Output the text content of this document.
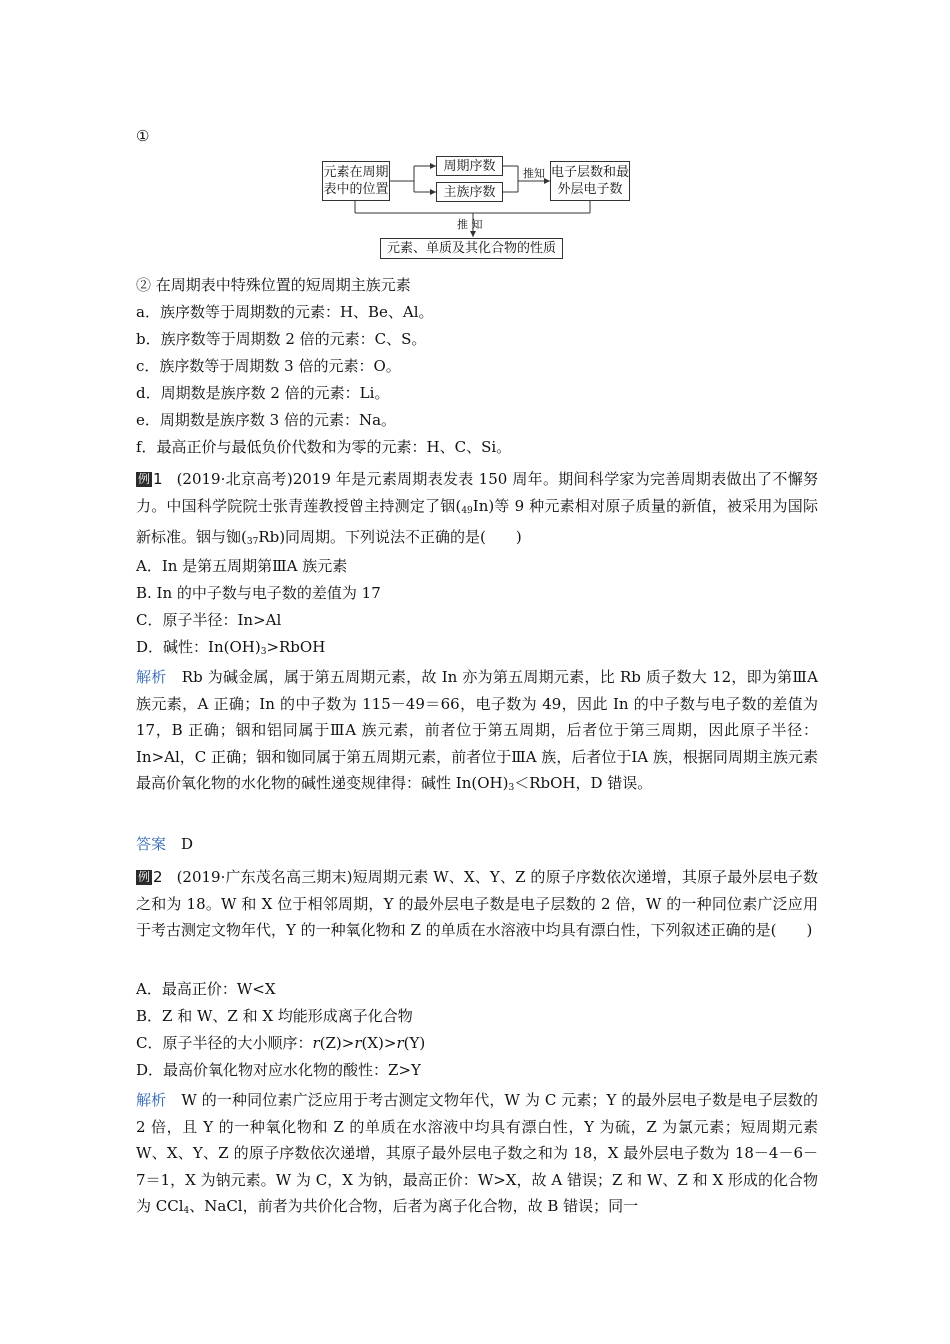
①
元素在周期表中的位置
周期序数
主族序数
推知 电子层数和最外层电子数
推 知
元素、单质及其化合物的性质
② 在周期表中特殊位置的短周期主族元素
a．族序数等于周期数的元素：H、Be、Al。
b．族序数等于周期数 2 倍的元素：C、S。
c．族序数等于周期数 3 倍的元素：O。
d．周期数是族序数 2 倍的元素：Li。
e．周期数是族序数 3 倍的元素：Na。
f．最高正价与最低负价代数和为零的元素：H、C、Si。
例 1 (2019·北京高考)2019 年是元素周期表发表 150 周年。期间科学家为完善周期表做出了不懈努力。中国科学院院士张青莲教授曾主持测定了铟$(_{49}In)$等 9 种元素相对原子质量的新值，被采用为国际新标准。铟与铷$(_{37}Rb)$同周期。下列说法不正确的是(　　)
A．In 是第五周期第ⅢA 族元素
B. In 的中子数与电子数的差值为 17
C．原子半径：In>Al
D．碱性：$In(OH)_3>RbOH$
解析　Rb 为碱金属，属于第五周期元素，故 In 亦为第五周期元素，比 Rb 质子数大 12，即为第ⅢA 族元素，A 正确；In 的中子数为 115－49＝66，电子数为 49，因此 In 的中子数与电子数的差值为 17，B 正确；铟和铝同属于ⅢA 族元素，前者位于第五周期，后者位于第三周期，因此原子半径：In>Al，C 正确；铟和铷同属于第五周期元素，前者位于ⅢA 族，后者位于ⅠA 族，根据同周期主族元素最高价氧化物的水化物的碱性递变规律得：碱性 $In(OH)_3<RbOH$，D 错误。
答案　D
例 2 (2019·广东茂名高三期末)短周期元素 W、X、Y、Z 的原子序数依次递增，其原子最外层电子数之和为 18。W 和 X 位于相邻周期，Y 的最外层电子数是电子层数的 2 倍，W 的一种同位素广泛应用于考古测定文物年代，Y 的一种氧化物和 Z 的单质在水溶液中均具有漂白性，下列叙述正确的是(　　)
A．最高正价：W<X
B．Z 和 W、Z 和 X 均能形成离子化合物
C．原子半径的大小顺序：r(Z)>r(X)>r(Y)
D．最高价氧化物对应水化物的酸性：Z>Y
解析　W 的一种同位素广泛应用于考古测定文物年代，W 为 C 元素；Y 的最外层电子数是电子层数的 2 倍，且 Y 的一种氧化物和 Z 的单质在水溶液中均具有漂白性，Y 为硫，Z 为氯元素；短周期元素 W、X、Y、Z 的原子序数依次递增，其原子最外层电子数之和为 18，X 最外层电子数为 18－4－6－7＝1，X 为钠元素。W 为 C，X 为钠，最高正价：W>X，故 A 错误；Z 和 W、Z 和 X 形成的化合物为 CCl$_4$、NaCl，前者为共价化合物，后者为离子化合物，故 B 错误；同一
